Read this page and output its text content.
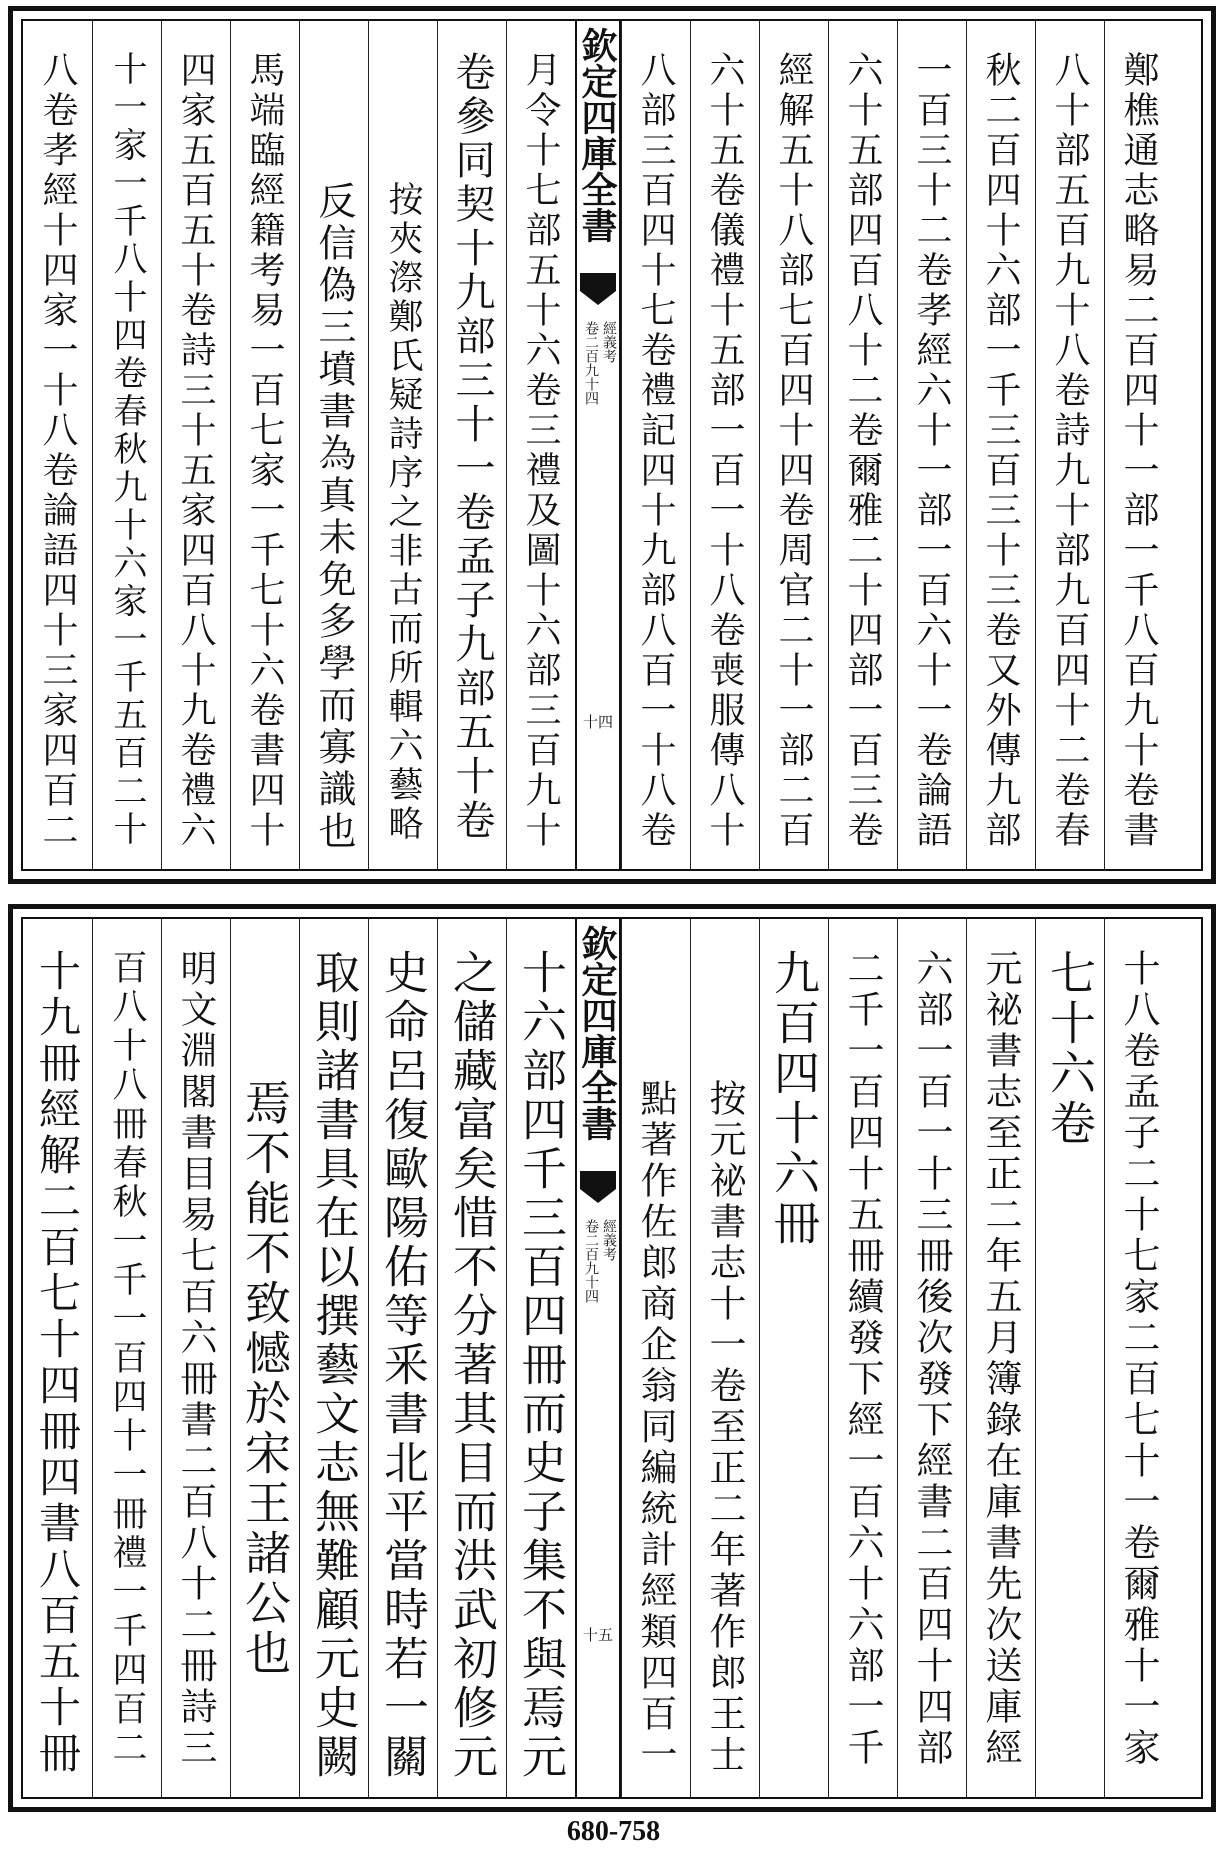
八卷孝經十四家一十八卷論語四十三家四百二 十一家一千八十四卷春秋九十六家一千五百二十 四家五百五十卷詩三十五家四百八十九卷禮六 馬端臨經籍考易一百七家一千七十六卷書四十 反信偽三墳書為真未免多學而寡識也 按夾漈鄭氏疑詩序之非古而所輯六藝略 卷參同契十九部三十一卷孟子九部五十卷 月令十七部五十六卷三禮及圖十六部三百九十 欽定四庫全書
經義考
卷二百九十四
十四 八部三百四十七卷禮記四十九部八百一十八卷 六十五卷儀禮十五部一百一十八卷喪服傳八十 經解五十八部七百四十四卷周官二十一部二百 六十五部四百八十二卷爾雅二十四部一百三卷 一百三十二卷孝經六十一部一百六十一卷論語 秋二百四十六部一千三百三十三卷又外傳九部 八十部五百九十八卷詩九十部九百四十二卷春 鄭樵通志略易二百四十一部一千八百九十卷書
十九冊經解二百七十四冊四書八百五十冊 百八十八冊春秋一千一百四十一冊禮一千四百二 明文淵閣書目易七百六冊書二百八十二冊詩三 焉不能不致憾於宋王諸公也 取則諸書具在以撰藝文志無難顧元史闕 史命呂復歐陽佑等釆書北平當時若一關 之儲藏富矣惜不分著其目而洪武初修元 十六部四千三百四冊而史子集不與焉元 欽定四庫全書
經義考
卷二百九十四
十五 點著作佐郎商企翁同編統計經類四百一 按元祕書志十一卷至正二年著作郎王士 九百四十六冊 二千一百四十五冊續發下經一百六十六部一千 六部一百一十三冊後次發下經書二百四十四部 元祕書志至正二年五月簿錄在庫書先次送庫經 七十六卷 十八卷孟子二十七家二百七十一卷爾雅十一家
680-758
